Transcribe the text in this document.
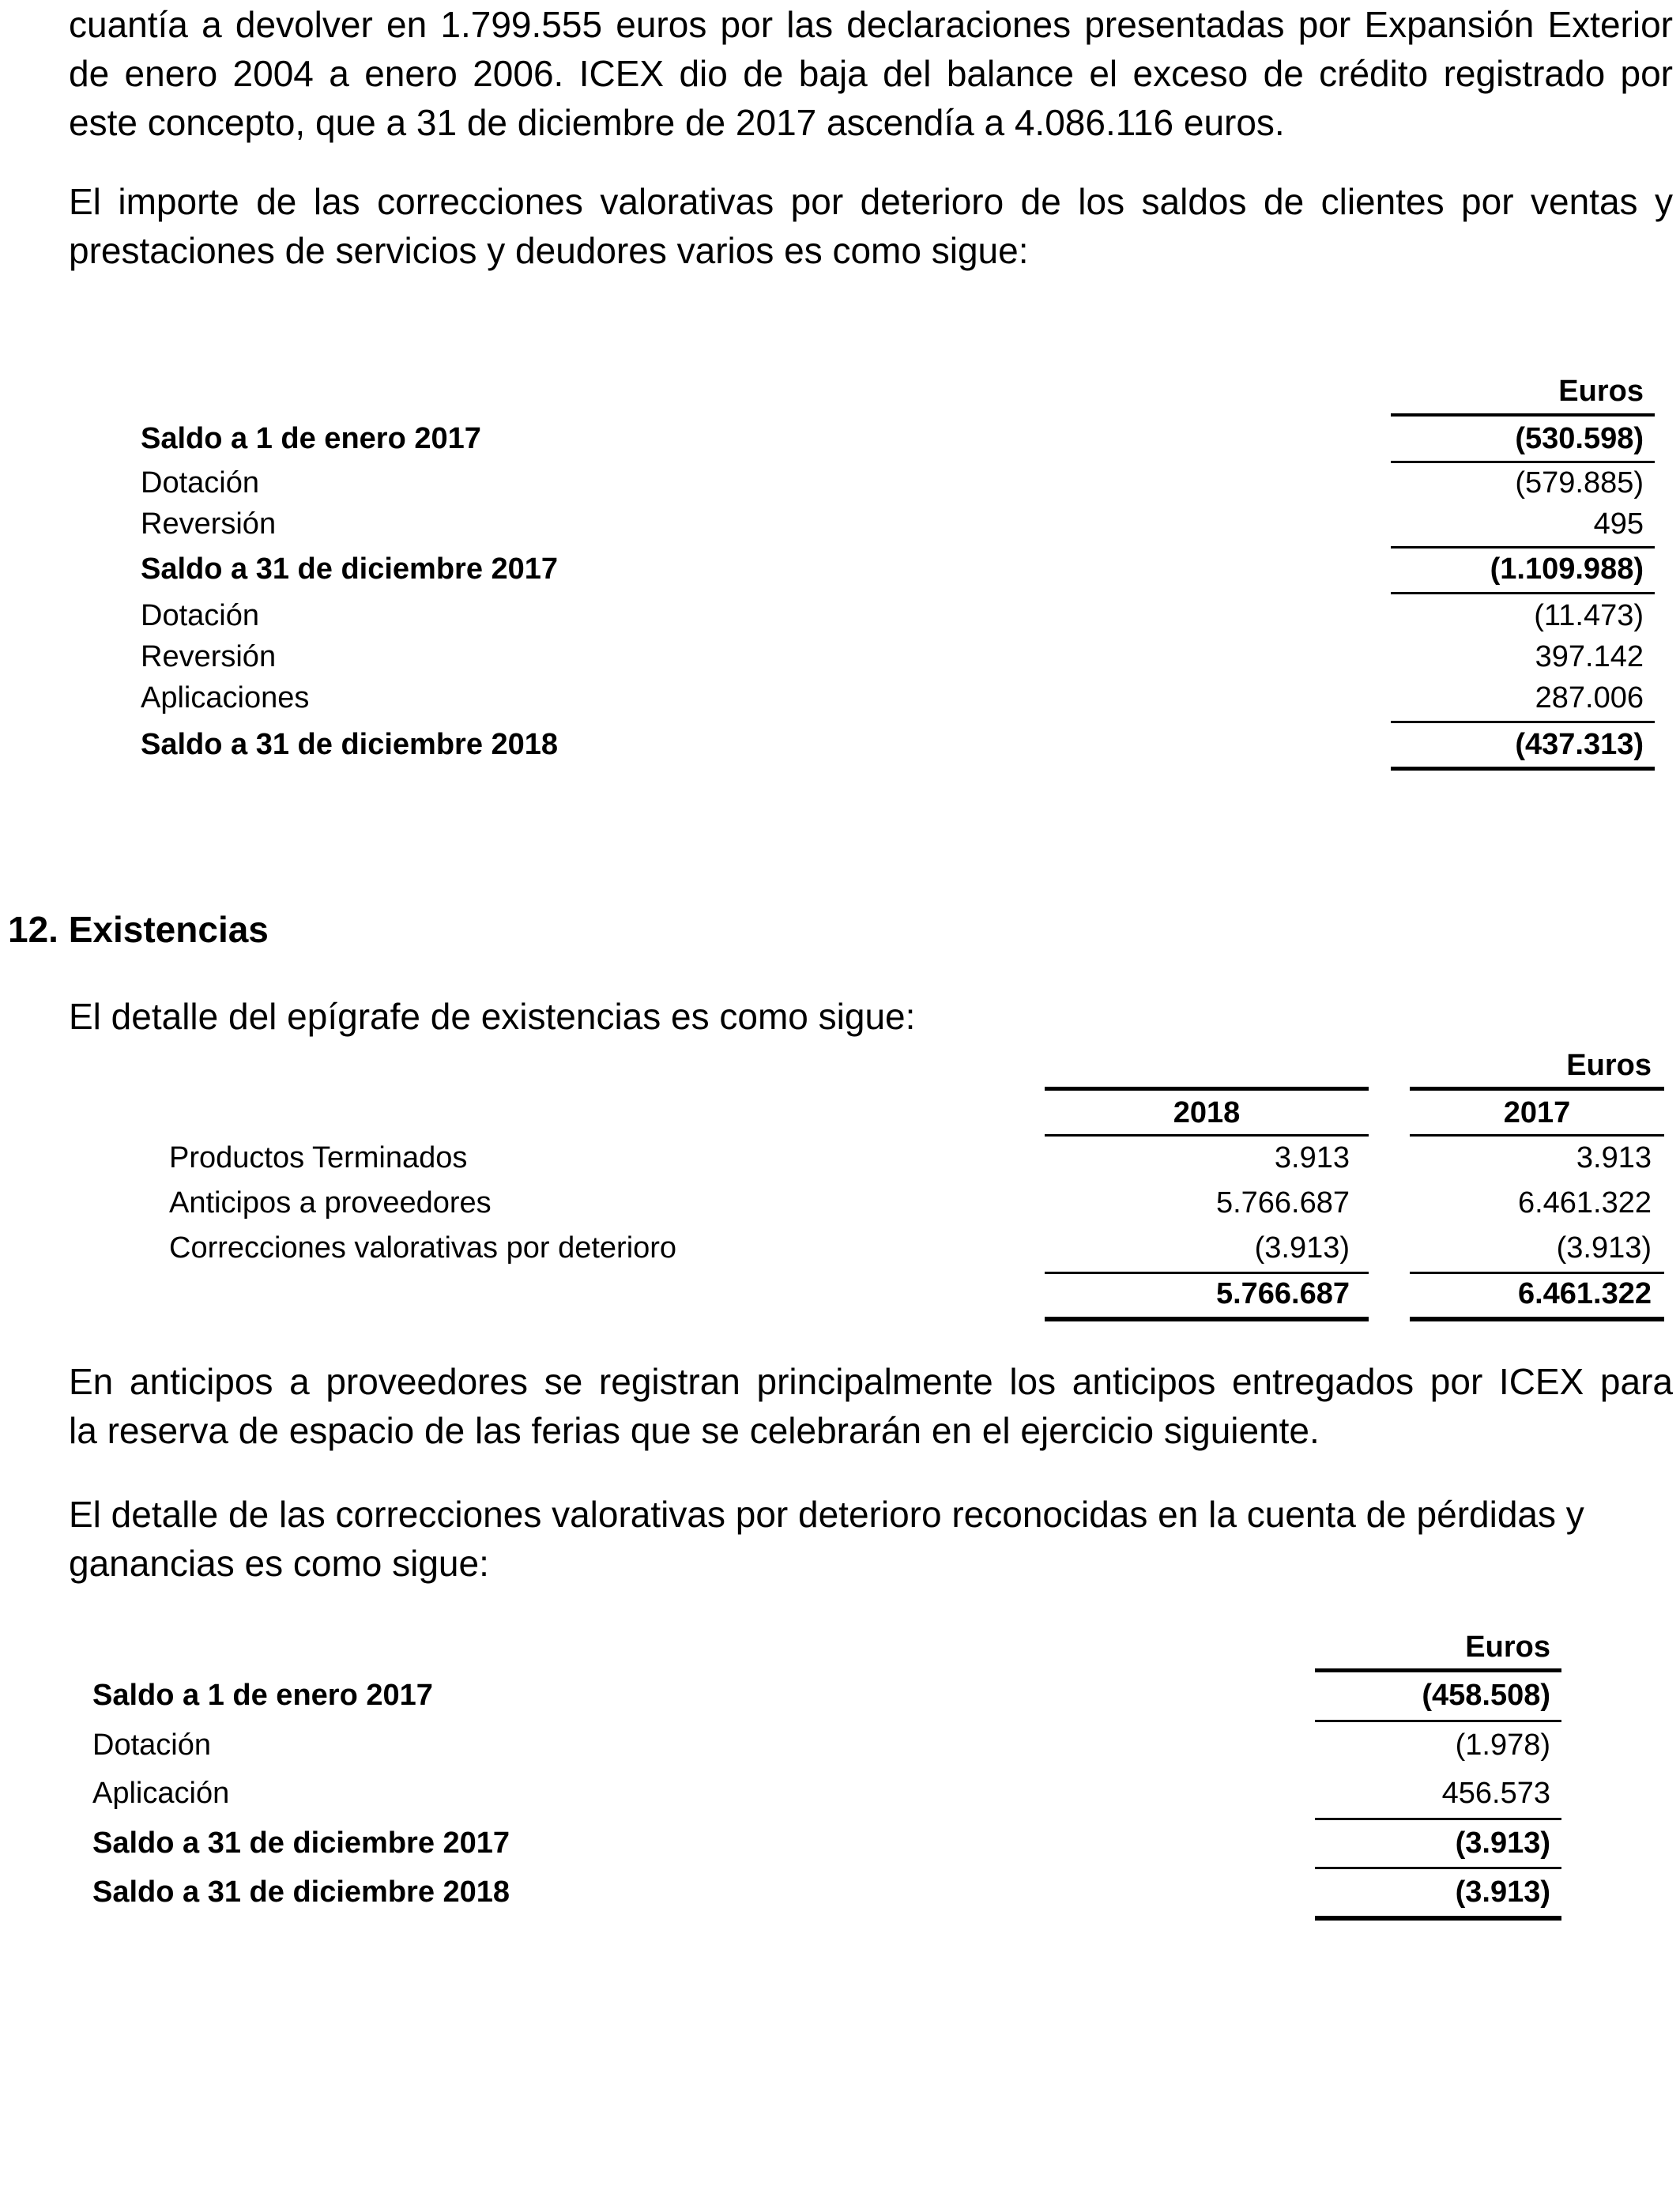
cuantía a devolver en 1.799.555 euros por las declaraciones presentadas por Expansión Exterior
de enero 2004 a enero 2006. ICEX dio de baja del balance el exceso de crédito registrado por
este concepto, que a 31 de diciembre de 2017 ascendía a 4.086.116 euros.
El importe de las correcciones valorativas por deterioro de los saldos de clientes por ventas y
prestaciones de servicios y deudores varios es como sigue:
Euros
Saldo a 1 de enero 2017	(530.598)
Dotación	(579.885)
Reversión	495
Saldo a 31 de diciembre 2017	(1.109.988)
Dotación	(11.473)
Reversión	397.142
Aplicaciones	287.006
Saldo a 31 de diciembre 2018	(437.313)
12. Existencias
El detalle del epígrafe de existencias es como sigue:
Euros
2018	2017
Productos Terminados	3.913	3.913
Anticipos a proveedores	5.766.687	6.461.322
Correcciones valorativas por deterioro	(3.913)	(3.913)
5.766.687	6.461.322
En anticipos a proveedores se registran principalmente los anticipos entregados por ICEX para
la reserva de espacio de las ferias que se celebrarán en el ejercicio siguiente.
El detalle de las correcciones valorativas por deterioro reconocidas en la cuenta de pérdidas y
ganancias es como sigue:
Euros
Saldo a 1 de enero 2017	(458.508)
Dotación	(1.978)
Aplicación	456.573
Saldo a 31 de diciembre 2017	(3.913)
Saldo a 31 de diciembre 2018	(3.913)
